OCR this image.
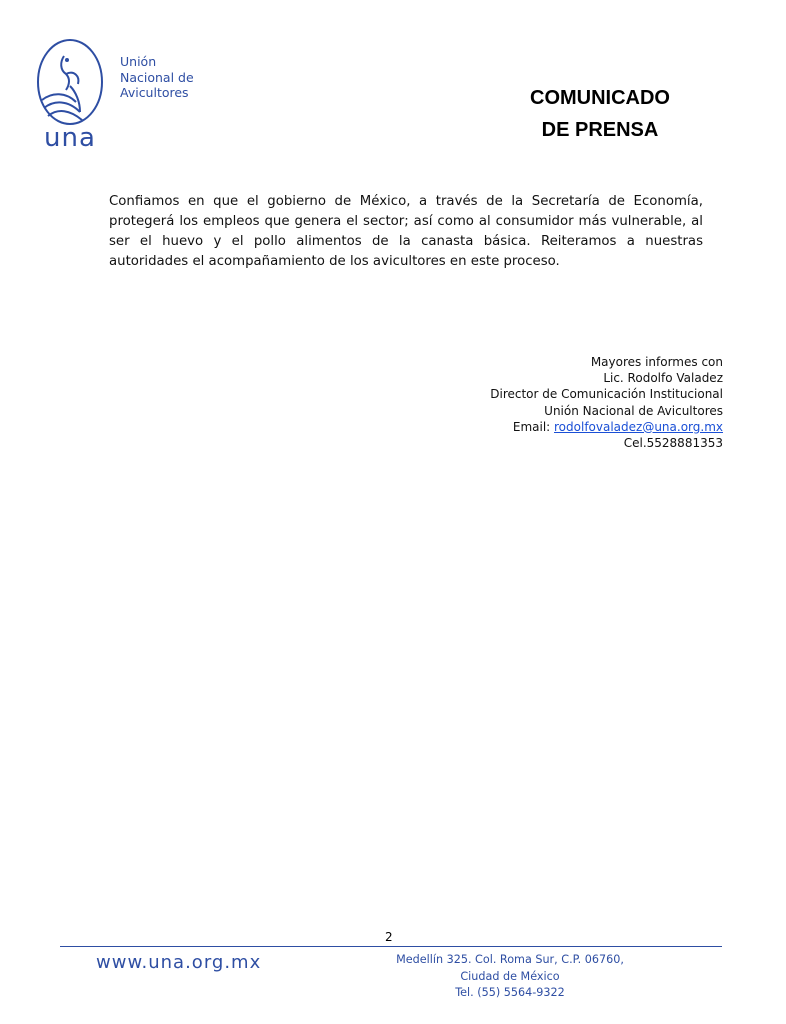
una
Unión
Nacional de
Avicultores	COMUNICADO
DE PRENSA

Confiamos en que el gobierno de México, a través de la Secretaría de Economía, protegerá los empleos que genera el sector; así como al consumidor más vulnerable, al ser el huevo y el pollo alimentos de la canasta básica. Reiteramos a nuestras autoridades el acompañamiento de los avicultores en este proceso.

Mayores informes con
Lic. Rodolfo Valadez
Director de Comunicación Institucional
Unión Nacional de Avicultores
Email: rodolfovaladez@una.org.mx
Cel.5528881353
2
www.una.org.mx	Medellín 325. Col. Roma Sur, C.P. 06760,
Ciudad de México
Tel. (55) 5564-9322
